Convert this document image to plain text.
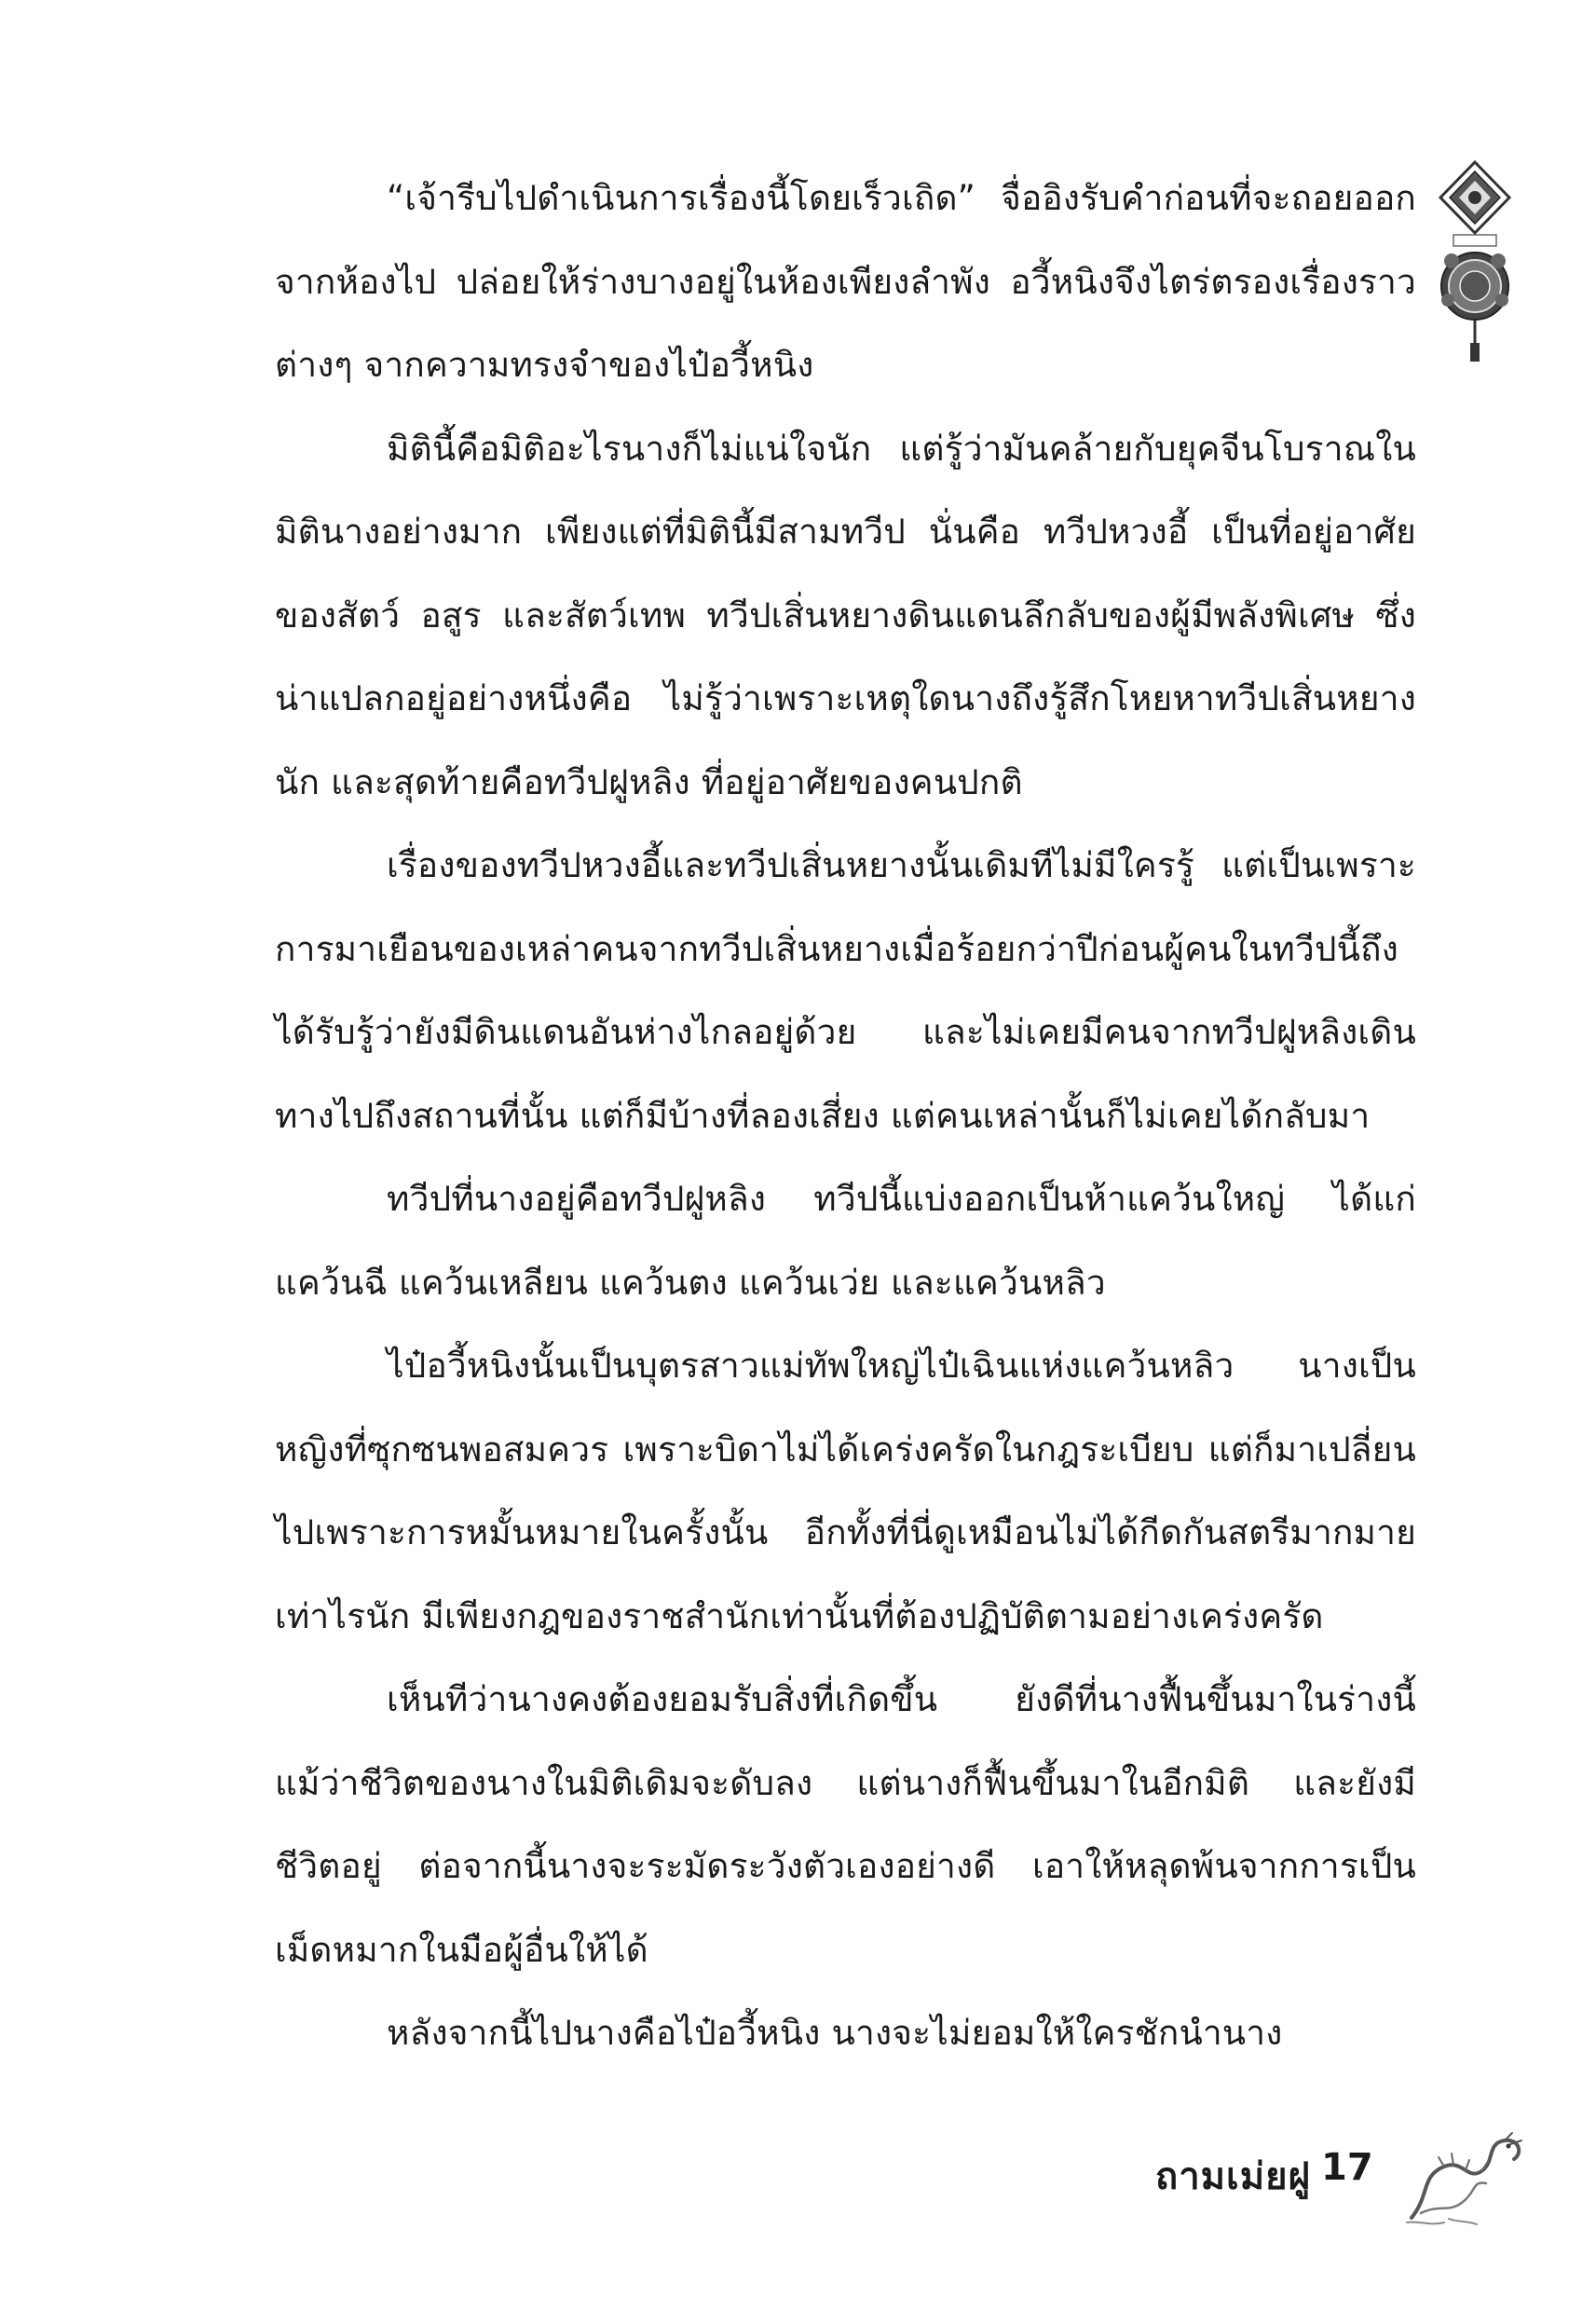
“เจ้ารีบไปดำเนินการเรื่องนี้โดยเร็วเถิด” จื่ออิงรับคำก่อนที่จะถอยออกจากห้องไป ปล่อยให้ร่างบางอยู่ในห้องเพียงลำพัง อวี้หนิงจึงไตร่ตรองเรื่องราวต่างๆ จากความทรงจำของไป๋อวี้หนิง

มิตินี้คือมิติอะไรนางก็ไม่แน่ใจนัก แต่รู้ว่ามันคล้ายกับยุคจีนโบราณในมิตินางอย่างมาก เพียงแต่ที่มิตินี้มีสามทวีป นั่นคือ ทวีปหวงอี้ เป็นที่อยู่อาศัยของสัตว์ อสูร และสัตว์เทพ ทวีปเสิ่นหยางดินแดนลึกลับของผู้มีพลังพิเศษ ซึ่งน่าแปลกอยู่อย่างหนึ่งคือ ไม่รู้ว่าเพราะเหตุใดนางถึงรู้สึกโหยหาทวีปเสิ่นหยางนัก และสุดท้ายคือทวีปฝูหลิง ที่อยู่อาศัยของคนปกติ

เรื่องของทวีปหวงอี้และทวีปเสิ่นหยางนั้นเดิมทีไม่มีใครรู้ แต่เป็นเพราะการมาเยือนของเหล่าคนจากทวีปเสิ่นหยางเมื่อร้อยกว่าปีก่อนผู้คนในทวีปนี้ถึงได้รับรู้ว่ายังมีดินแดนอันห่างไกลอยู่ด้วย และไม่เคยมีคนจากทวีปฝูหลิงเดินทางไปถึงสถานที่นั้น แต่ก็มีบ้างที่ลองเสี่ยง แต่คนเหล่านั้นก็ไม่เคยได้กลับมา

ทวีปที่นางอยู่คือทวีปฝูหลิง ทวีปนี้แบ่งออกเป็นห้าแคว้นใหญ่ ได้แก่ แคว้นฉี แคว้นเหลียน แคว้นตง แคว้นเว่ย และแคว้นหลิว

ไป๋อวี้หนิงนั้นเป็นบุตรสาวแม่ทัพใหญ่ไป๋เฉินแห่งแคว้นหลิว นางเป็นหญิงที่ซุกซนพอสมควร เพราะบิดาไม่ได้เคร่งครัดในกฎระเบียบ แต่ก็มาเปลี่ยนไปเพราะการหมั้นหมายในครั้งนั้น อีกทั้งที่นี่ดูเหมือนไม่ได้กีดกันสตรีมากมายเท่าไรนัก มีเพียงกฎของราชสำนักเท่านั้นที่ต้องปฏิบัติตามอย่างเคร่งครัด

เห็นทีว่านางคงต้องยอมรับสิ่งที่เกิดขึ้น ยังดีที่นางฟื้นขึ้นมาในร่างนี้ แม้ว่าชีวิตของนางในมิติเดิมจะดับลง แต่นางก็ฟื้นขึ้นมาในอีกมิติ และยังมีชีวิตอยู่ ต่อจากนี้นางจะระมัดระวังตัวเองอย่างดี เอาให้หลุดพ้นจากการเป็นเม็ดหมากในมือผู้อื่นให้ได้

หลังจากนี้ไปนางคือไป๋อวี้หนิง นางจะไม่ยอมให้ใครชักนำนาง

ถามเม่ยฝู 17
